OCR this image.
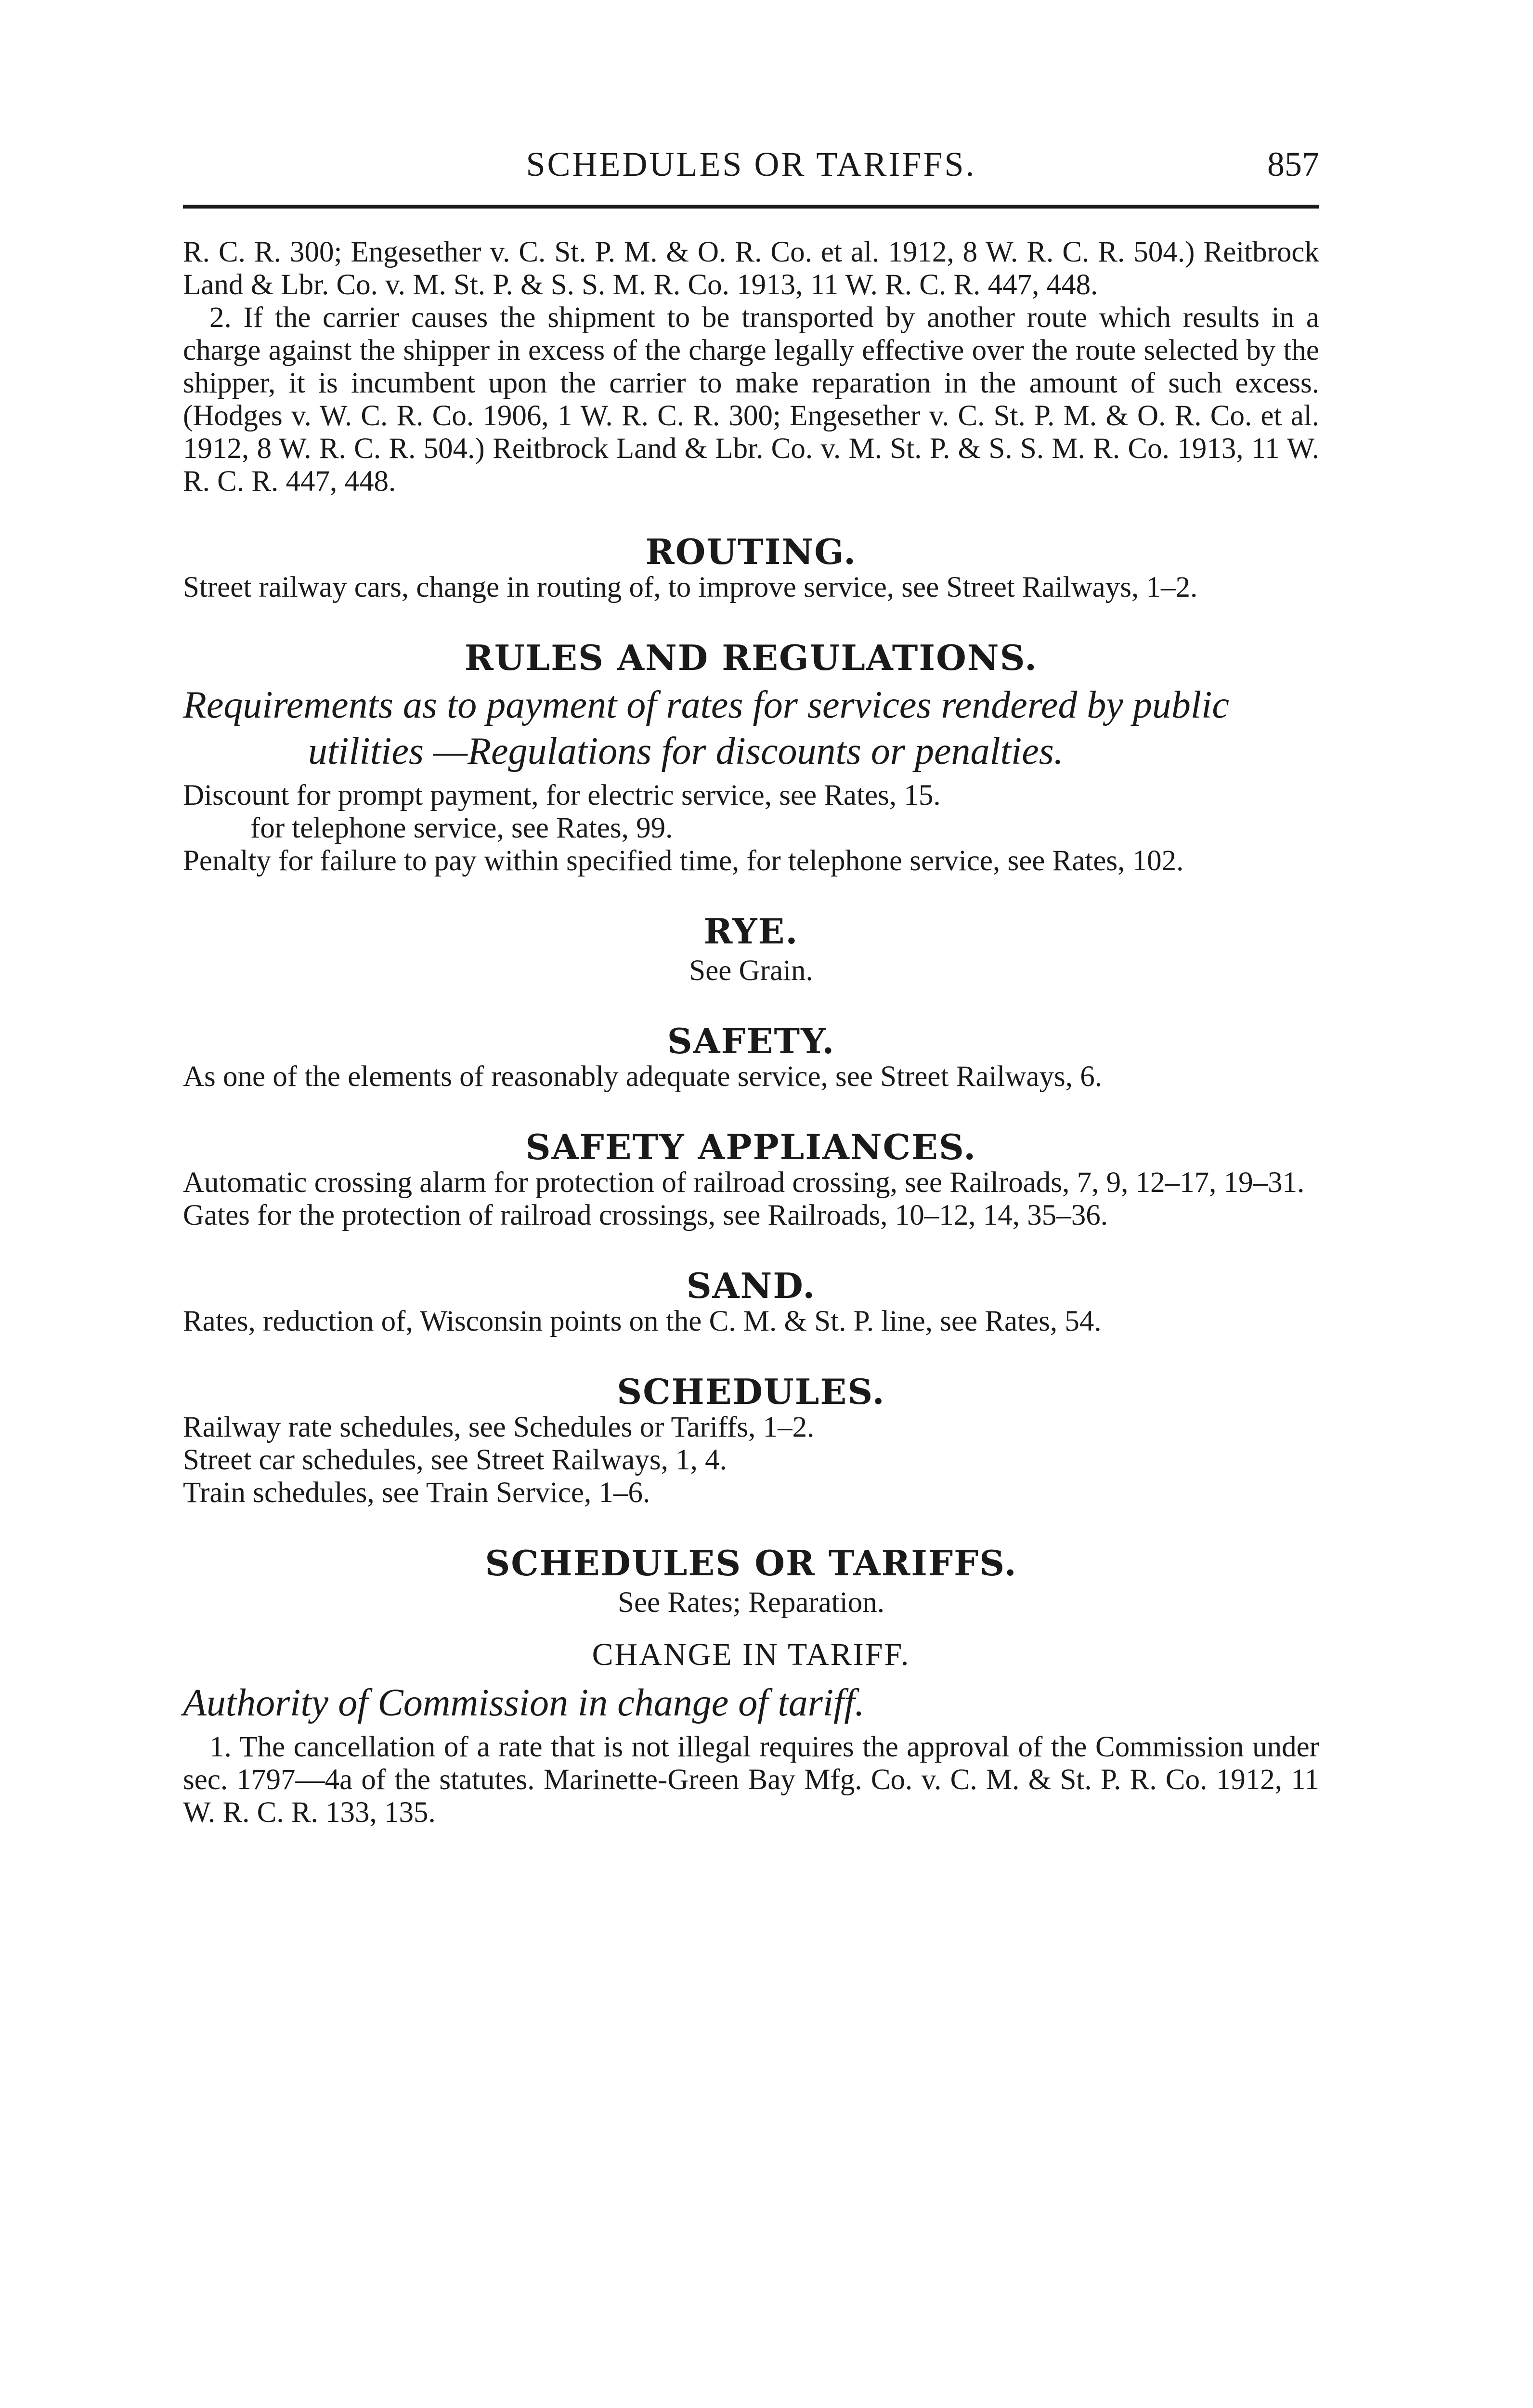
SCHEDULES OR TARIFFS.	857

R. C. R. 300; Engesether v. C. St. P. M. & O. R. Co. et al. 1912, 8 W. R. C. R. 504.) Reitbrock Land & Lbr. Co. v. M. St. P. & S. S. M. R. Co. 1913, 11 W. R. C. R. 447, 448.

2. If the carrier causes the shipment to be transported by another route which results in a charge against the shipper in excess of the charge legally effective over the route selected by the shipper, it is incumbent upon the carrier to make reparation in the amount of such excess. (Hodges v. W. C. R. Co. 1906, 1 W. R. C. R. 300; Engesether v. C. St. P. M. & O. R. Co. et al. 1912, 8 W. R. C. R. 504.) Reitbrock Land & Lbr. Co. v. M. St. P. & S. S. M. R. Co. 1913, 11 W. R. C. R. 447, 448.

ROUTING.

Street railway cars, change in routing of, to improve service, see Street Railways, 1–2.

RULES AND REGULATIONS.

Requirements as to payment of rates for services rendered by public utilities —Regulations for discounts or penalties.

Discount for prompt payment, for electric service, see Rates, 15.

for telephone service, see Rates, 99.

Penalty for failure to pay within specified time, for telephone service, see Rates, 102.

RYE.

See Grain.

SAFETY.

As one of the elements of reasonably adequate service, see Street Railways, 6.

SAFETY APPLIANCES.

Automatic crossing alarm for protection of railroad crossing, see Railroads, 7, 9, 12–17, 19–31.

Gates for the protection of railroad crossings, see Railroads, 10–12, 14, 35–36.

SAND.

Rates, reduction of, Wisconsin points on the C. M. & St. P. line, see Rates, 54.

SCHEDULES.

Railway rate schedules, see Schedules or Tariffs, 1–2.

Street car schedules, see Street Railways, 1, 4.

Train schedules, see Train Service, 1–6.

SCHEDULES OR TARIFFS.

See Rates; Reparation.

CHANGE IN TARIFF.

Authority of Commission in change of tariff.

1. The cancellation of a rate that is not illegal requires the approval of the Commission under sec. 1797—4a of the statutes. Marinette-Green Bay Mfg. Co. v. C. M. & St. P. R. Co. 1912, 11 W. R. C. R. 133, 135.
